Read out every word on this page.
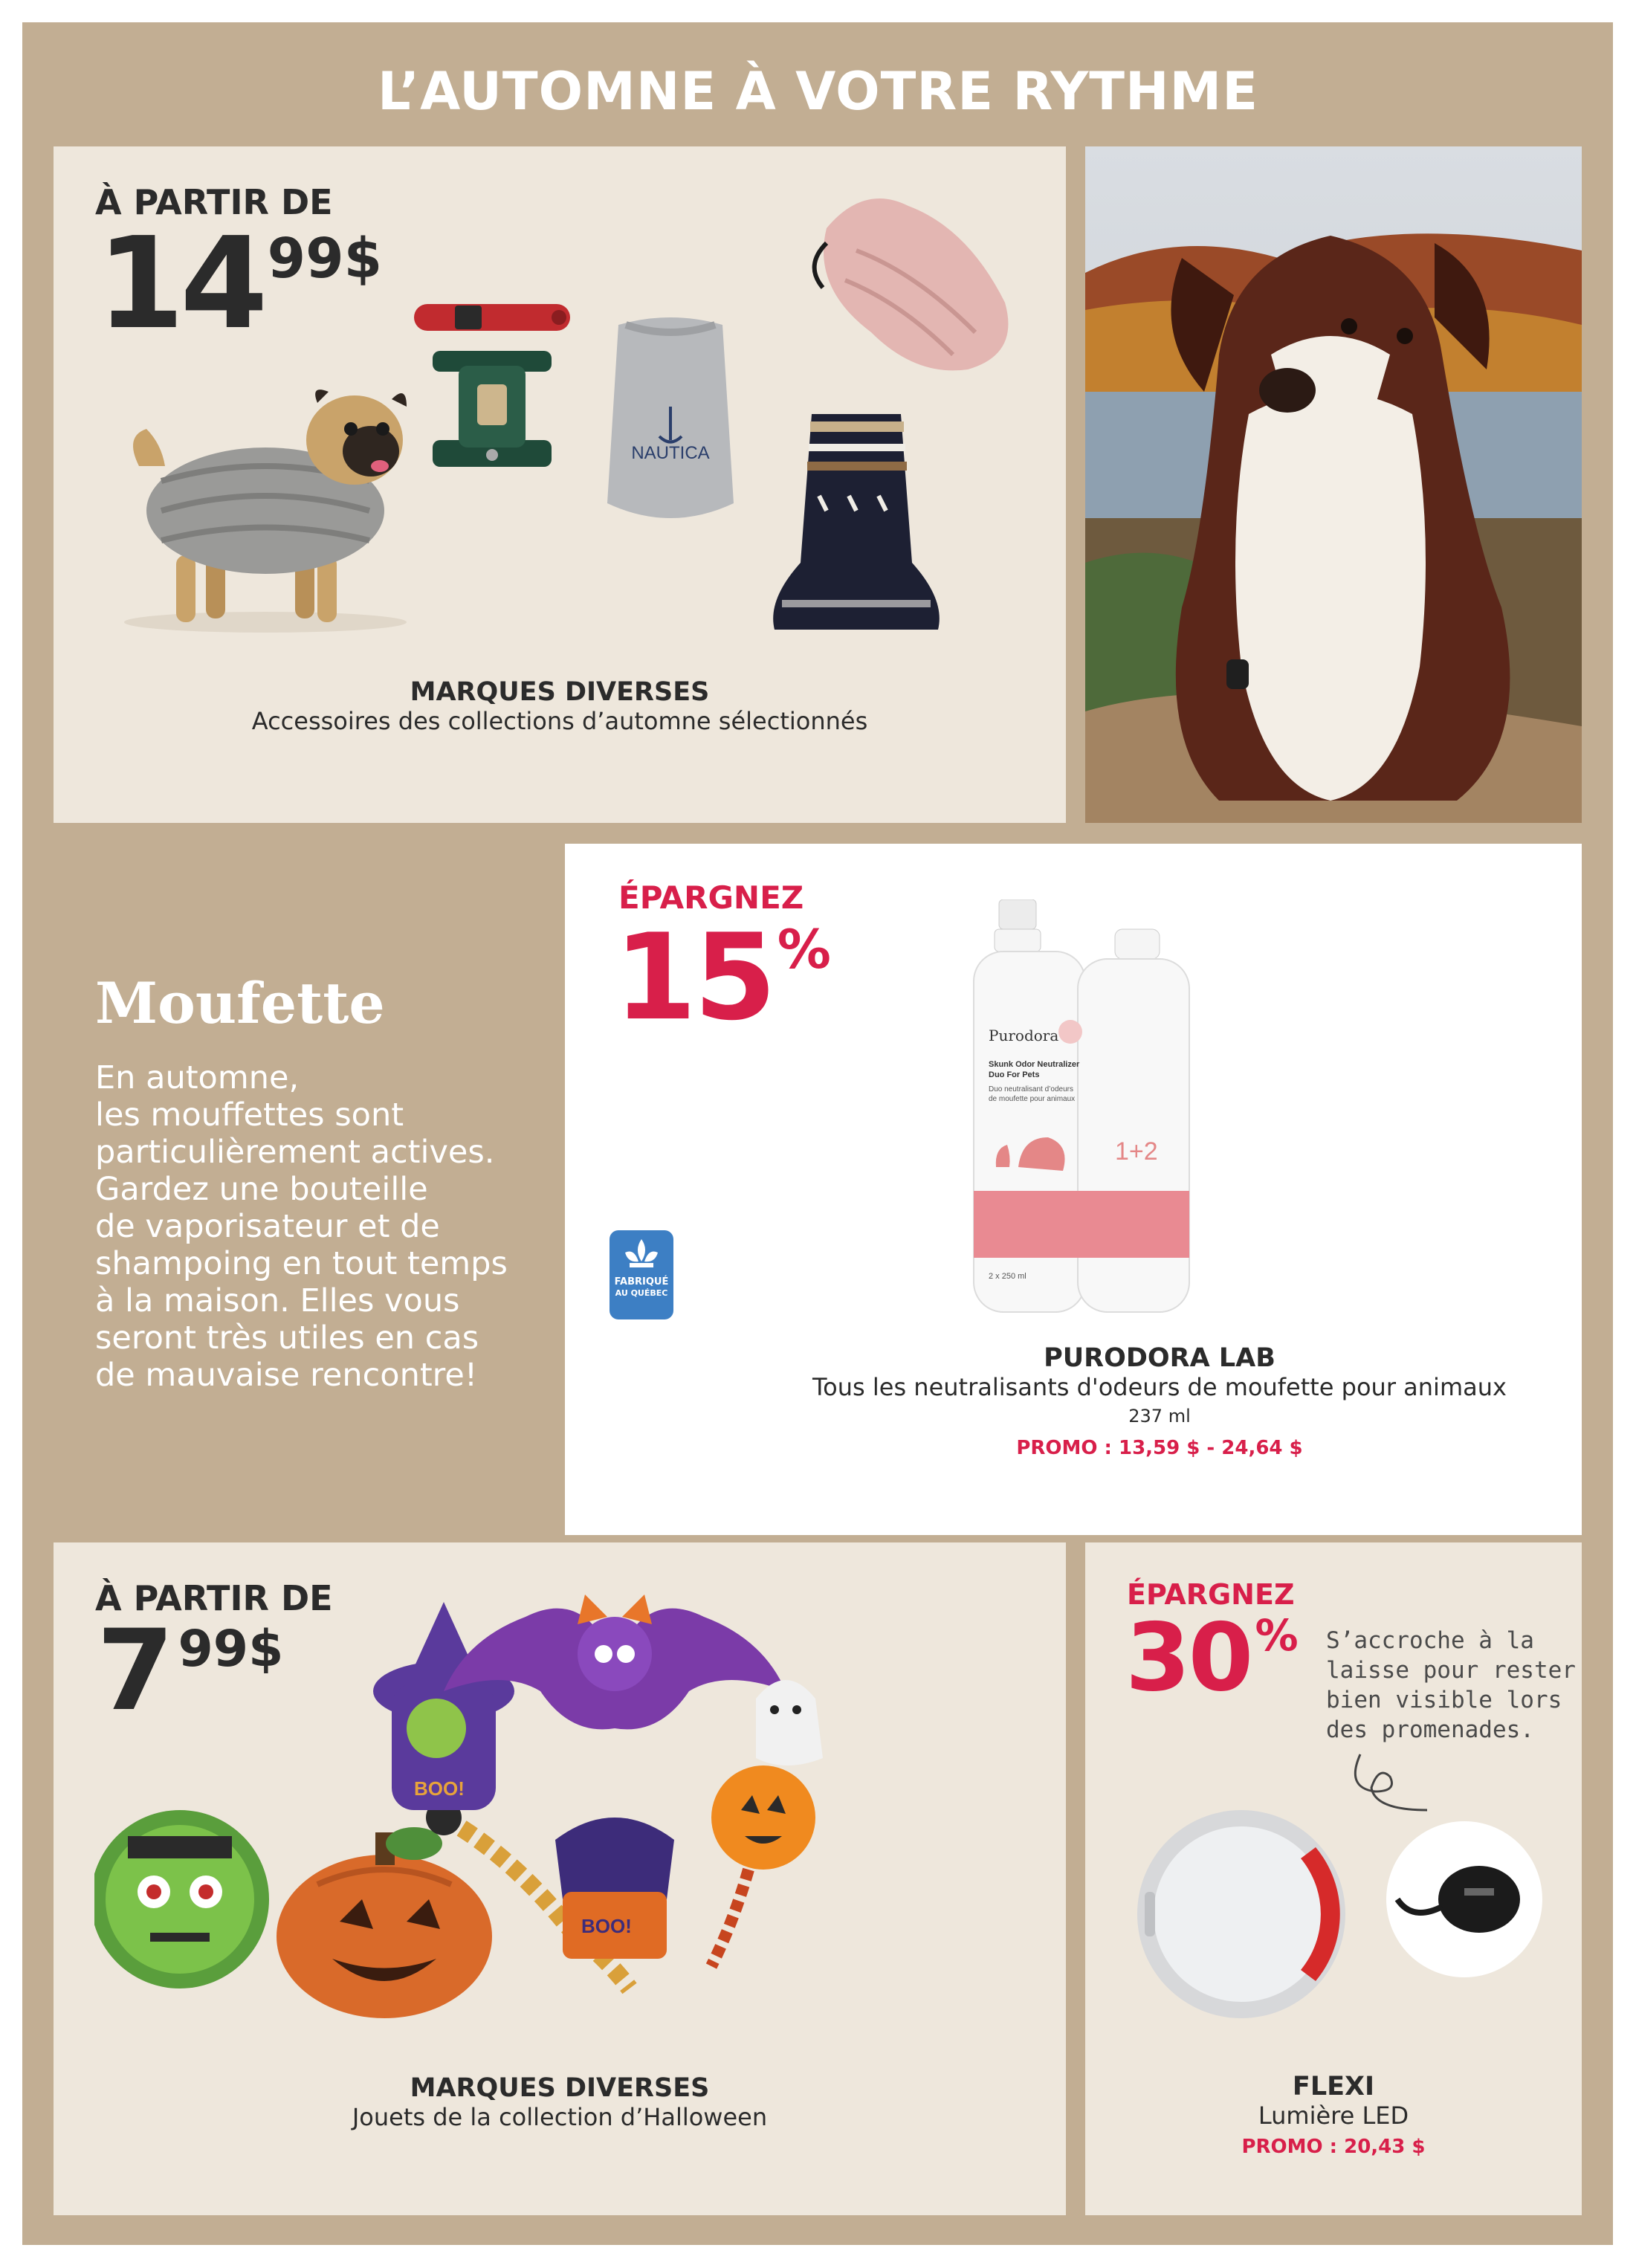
L’AUTOMNE À VOTRE RYTHME
À PARTIR DE
14 99$
NAUTICA
MARQUES DIVERSES
Accessoires des collections d’automne sélectionnés
Moufette
En automne,
les mouffettes sont
particulièrement actives.
Gardez une bouteille
de vaporisateur et de
shampoing en tout temps
à la maison. Elles vous
seront très utiles en cas
de mauvaise rencontre!
ÉPARGNEZ
15 %
FABRIQUÉ
AU QUÉBEC
Purodora
Skunk Odor Neutralizer
Duo For Pets
Duo neutralisant d’odeurs
de moufette pour animaux
1+2
2 x 250 ml
PURODORA LAB
Tous les neutralisants d'odeurs de moufette pour animaux
237 ml
PROMO : 13,59 $ - 24,64 $
À PARTIR DE
7 99$
BOO!
BOO!
MARQUES DIVERSES
Jouets de la collection d’Halloween
ÉPARGNEZ
30 % S’accroche à la
laisse pour rester
bien visible lors
des promenades.
FLEXI
Lumière LED
PROMO : 20,43 $
